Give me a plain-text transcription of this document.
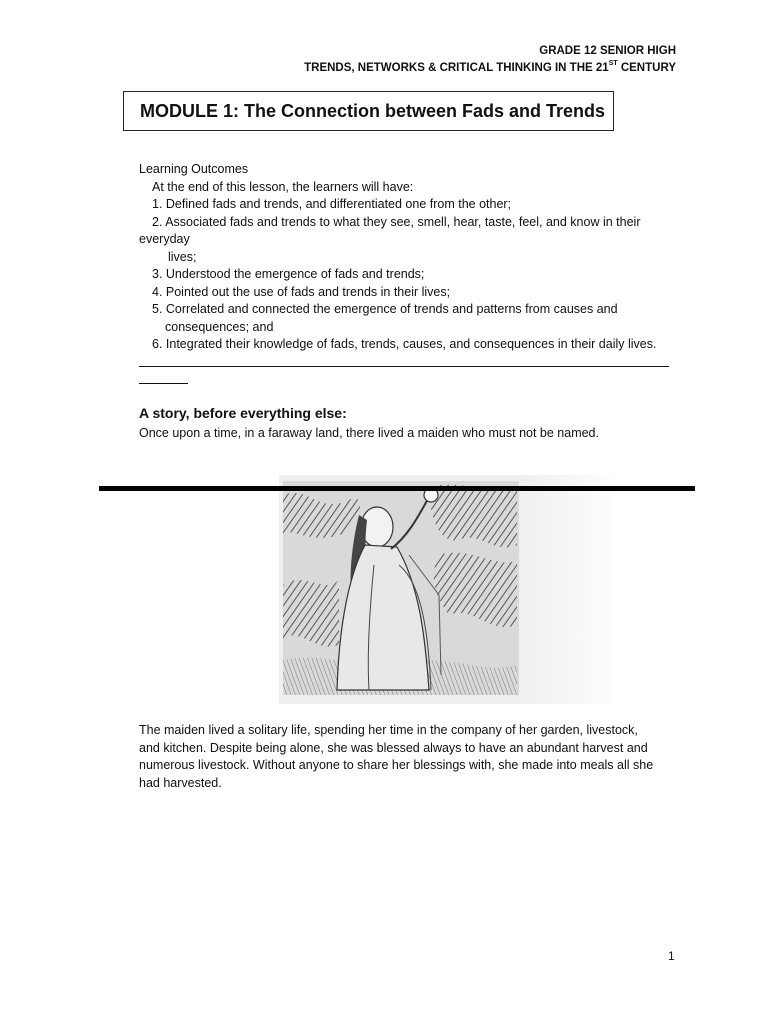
GRADE 12 SENIOR HIGH
TRENDS, NETWORKS & CRITICAL THINKING IN THE 21ST CENTURY
MODULE 1: The Connection between Fads and Trends

Learning Outcomes

At the end of this lesson, the learners will have:

1. Defined fads and trends, and differentiated one from the other;

2. Associated fads and trends to what they see, smell, hear, taste, feel, and know in their

everyday

lives;

3. Understood the emergence of fads and trends;

4. Pointed out the use of fads and trends in their lives;

5. Correlated and connected the emergence of trends and patterns from causes and

consequences; and

6. Integrated their knowledge of fads, trends, causes, and consequences in their daily lives.

A story, before everything else:
Once upon a time, in a faraway land, there lived a maiden who must not be named.
The maiden lived a solitary life, spending her time in the company of her garden, livestock,
and kitchen. Despite being alone, she was blessed always to have an abundant harvest and
numerous livestock. Without anyone to share her blessings with, she made into meals all she
had harvested.
1
